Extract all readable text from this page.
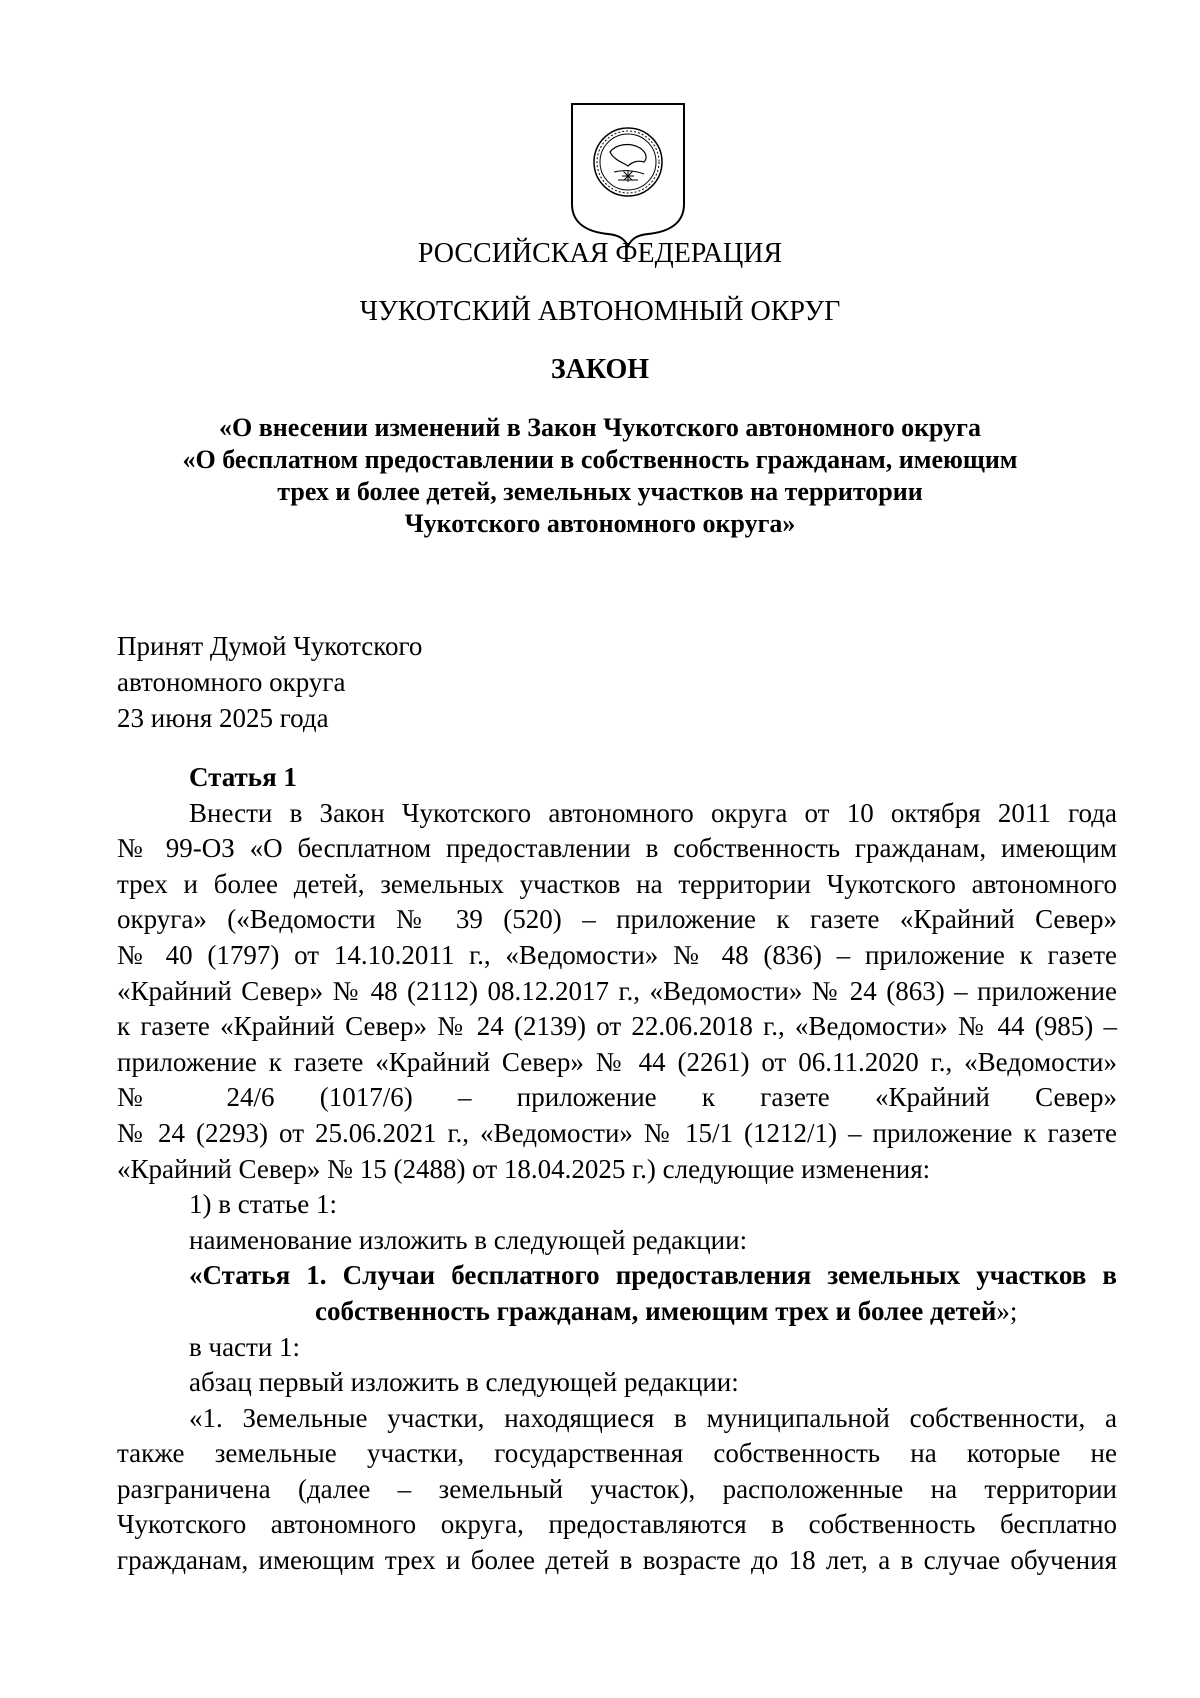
РОССИЙСКАЯ ФЕДЕРАЦИЯ

ЧУКОТСКИЙ АВТОНОМНЫЙ ОКРУГ

ЗАКОН

«О внесении изменений в Закон Чукотского автономного округа
«О бесплатном предоставлении в собственность гражданам, имеющим
трех и более детей, земельных участков на территории
Чукотского автономного округа»
Принят Думой Чукотского
автономного округа
23 июня 2025 года
Статья 1
Внести в Закон Чукотского автономного округа от 10 октября 2011 года
№ 99-ОЗ «О бесплатном предоставлении в собственность гражданам, имеющим
трех и более детей, земельных участков на территории Чукотского автономного
округа» («Ведомости № 39 (520) – приложение к газете «Крайний Север»
№ 40 (1797) от 14.10.2011 г., «Ведомости» № 48 (836) – приложение к газете
«Крайний Север» № 48 (2112) 08.12.2017 г., «Ведомости» № 24 (863) – приложение
к газете «Крайний Север» № 24 (2139) от 22.06.2018 г., «Ведомости» № 44 (985) –
приложение к газете «Крайний Север» № 44 (2261) от 06.11.2020 г., «Ведомости»
№ 24/6 (1017/6) – приложение к газете «Крайний Север»
№ 24 (2293) от 25.06.2021 г., «Ведомости» № 15/1 (1212/1) – приложение к газете
«Крайний Север» № 15 (2488) от 18.04.2025 г.) следующие изменения:
1) в статье 1:
наименование изложить в следующей редакции:
«Статья 1. Случаи бесплатного предоставления земельных участков в
собственность гражданам, имеющим трех и более детей»;
в части 1:
абзац первый изложить в следующей редакции:
«1. Земельные участки, находящиеся в муниципальной собственности, а
также земельные участки, государственная собственность на которые не
разграничена (далее – земельный участок), расположенные на территории
Чукотского автономного округа, предоставляются в собственность бесплатно
гражданам, имеющим трех и более детей в возрасте до 18 лет, а в случае обучения
